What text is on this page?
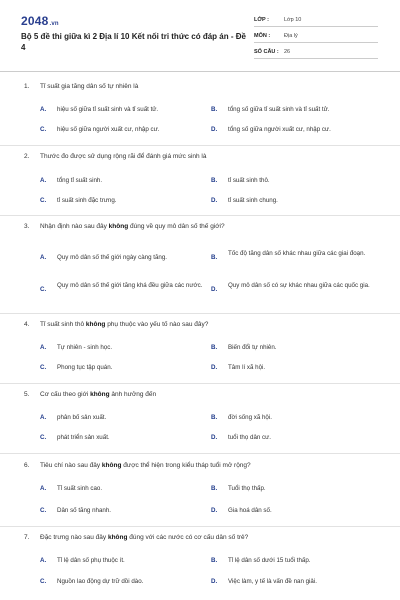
2048.vn
Bộ 5 đề thi giữa kì 2 Địa lí 10 Kết nối tri thức có đáp án - Đề 4
LỚP :	Lớp 10
MÔN :	Địa lý
SỐ CÂU : 26
1. Tỉ suất gia tăng dân số tự nhiên là
A. hiệu số giữa tỉ suất sinh và tỉ suất tử.	B. tổng số giữa tỉ suất sinh và tỉ suất tử.
C. hiệu số giữa người xuất cư, nhập cư.	D. tổng số giữa người xuất cư, nhập cư.
2. Thước đo được sử dụng rộng rãi để đánh giá mức sinh là
A. tổng tỉ suất sinh.	B. tỉ suất sinh thô.
C. tỉ suất sinh đặc trưng.	D. tỉ suất sinh chung.
3. Nhận định nào sau đây không đúng về quy mô dân số thế giới?
A. Quy mô dân số thế giới ngày càng tăng.	B.
Tốc độ tăng dân số khác nhau giữa các giai đoạn.
C.
Quy mô dân số thế giới tăng khá đều giữa các nước.
D.
Quy mô dân số có sự khác nhau giữa các quốc gia.
4. Tỉ suất sinh thô không phụ thuộc vào yếu tố nào sau đây?
A. Tự nhiên - sinh học.	B. Biến đổi tự nhiên.
C. Phong tục tập quán.	D. Tâm lí xã hội.
5. Cơ cấu theo giới không ảnh hưởng đến
A. phân bố sản xuất.	B. đời sống xã hội.
C. phát triển sản xuất.	D. tuổi thọ dân cư.
6. Tiêu chí nào sau đây không được thể hiện trong kiểu tháp tuổi mở rộng?
A. Tỉ suất sinh cao.	B. Tuổi thọ thấp.
C. Dân số tăng nhanh.	D. Gia hoá dân số.
7. Đặc trưng nào sau đây không đúng với các nước có cơ cấu dân số trẻ?
A. Tỉ lệ dân số phụ thuộc ít.	B. Tỉ lệ dân số dưới 15 tuổi thấp.
C. Nguồn lao động dự trữ dồi dào.	D. Việc làm, y tế là vấn đề nan giải.
